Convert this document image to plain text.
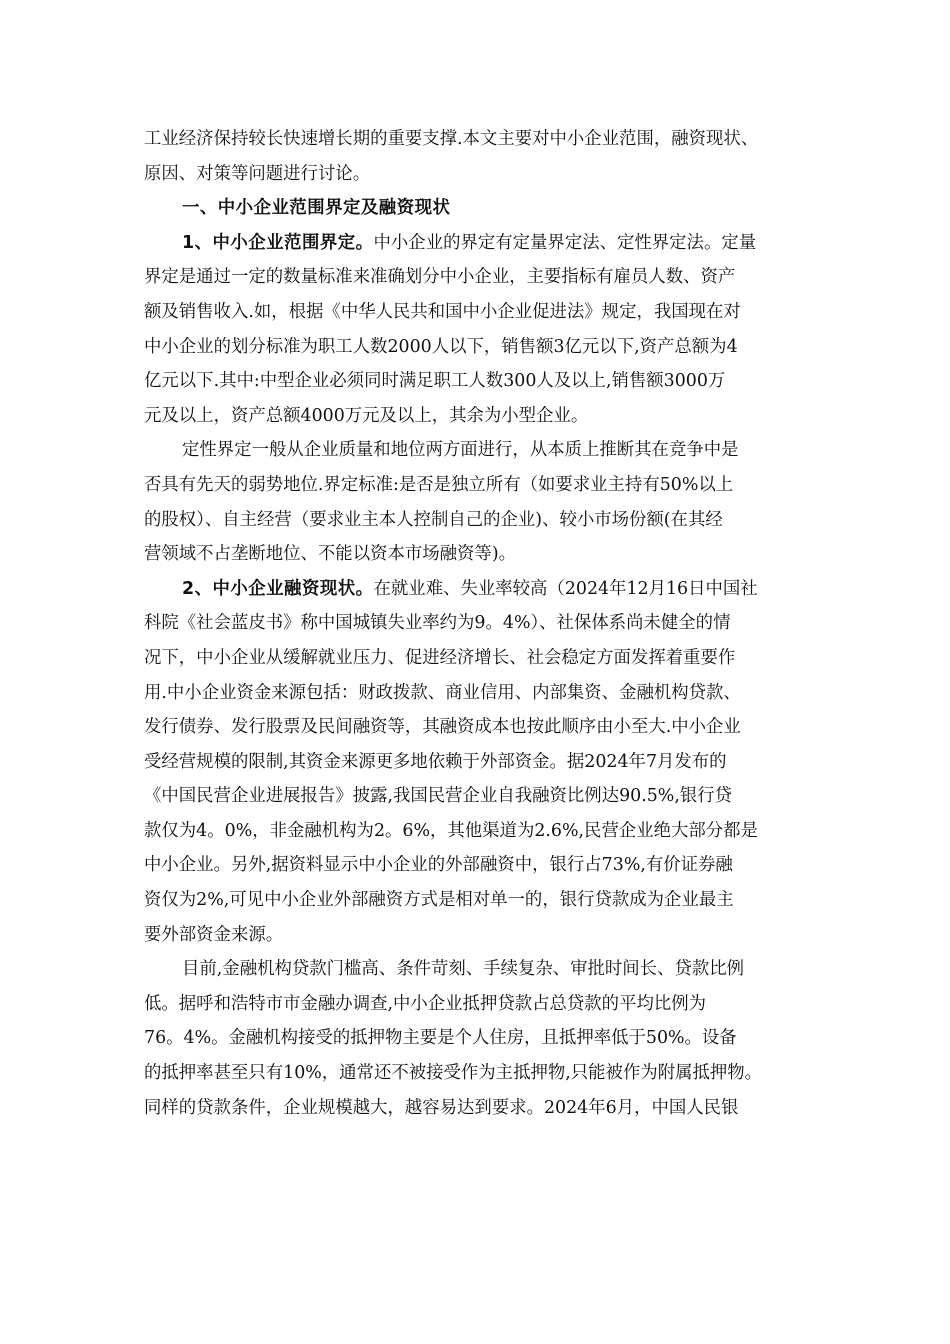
工业经济保持较长快速增长期的重要支撑.本文主要对中小企业范围，融资现状、
原因、对策等问题进行讨论。
一、中小企业范围界定及融资现状
1、中小企业范围界定。中小企业的界定有定量界定法、定性界定法。定量
界定是通过一定的数量标准来准确划分中小企业，主要指标有雇员人数、资产
额及销售收入.如，根据《中华人民共和国中小企业促进法》规定，我国现在对
中小企业的划分标准为职工人数2000人以下，销售额3亿元以下,资产总额为4
亿元以下.其中:中型企业必须同时满足职工人数300人及以上,销售额3000万
元及以上，资产总额4000万元及以上，其余为小型企业。
定性界定一般从企业质量和地位两方面进行，从本质上推断其在竞争中是
否具有先天的弱势地位.界定标准:是否是独立所有（如要求业主持有50%以上
的股权）、自主经营（要求业主本人控制自己的企业)、较小市场份额(在其经
营领域不占垄断地位、不能以资本市场融资等)。
2、中小企业融资现状。在就业难、失业率较高（2024年12月16日中国社
科院《社会蓝皮书》称中国城镇失业率约为9。4%）、社保体系尚未健全的情
况下，中小企业从缓解就业压力、促进经济增长、社会稳定方面发挥着重要作
用.中小企业资金来源包括：财政拨款、商业信用、内部集资、金融机构贷款、
发行债券、发行股票及民间融资等，其融资成本也按此顺序由小至大.中小企业
受经营规模的限制,其资金来源更多地依赖于外部资金。据2024年7月发布的
《中国民营企业进展报告》披露,我国民营企业自我融资比例达90.5%,银行贷
款仅为4。0%，非金融机构为2。6%，其他渠道为2.6%,民营企业绝大部分都是
中小企业。另外,据资料显示中小企业的外部融资中，银行占73%,有价证券融
资仅为2%,可见中小企业外部融资方式是相对单一的，银行贷款成为企业最主
要外部资金来源。
目前,金融机构贷款门槛高、条件苛刻、手续复杂、审批时间长、贷款比例
低。据呼和浩特市市金融办调查,中小企业抵押贷款占总贷款的平均比例为
76。4%。金融机构接受的抵押物主要是个人住房，且抵押率低于50%。设备
的抵押率甚至只有10%，通常还不被接受作为主抵押物,只能被作为附属抵押物。
同样的贷款条件，企业规模越大，越容易达到要求。2024年6月，中国人民银
